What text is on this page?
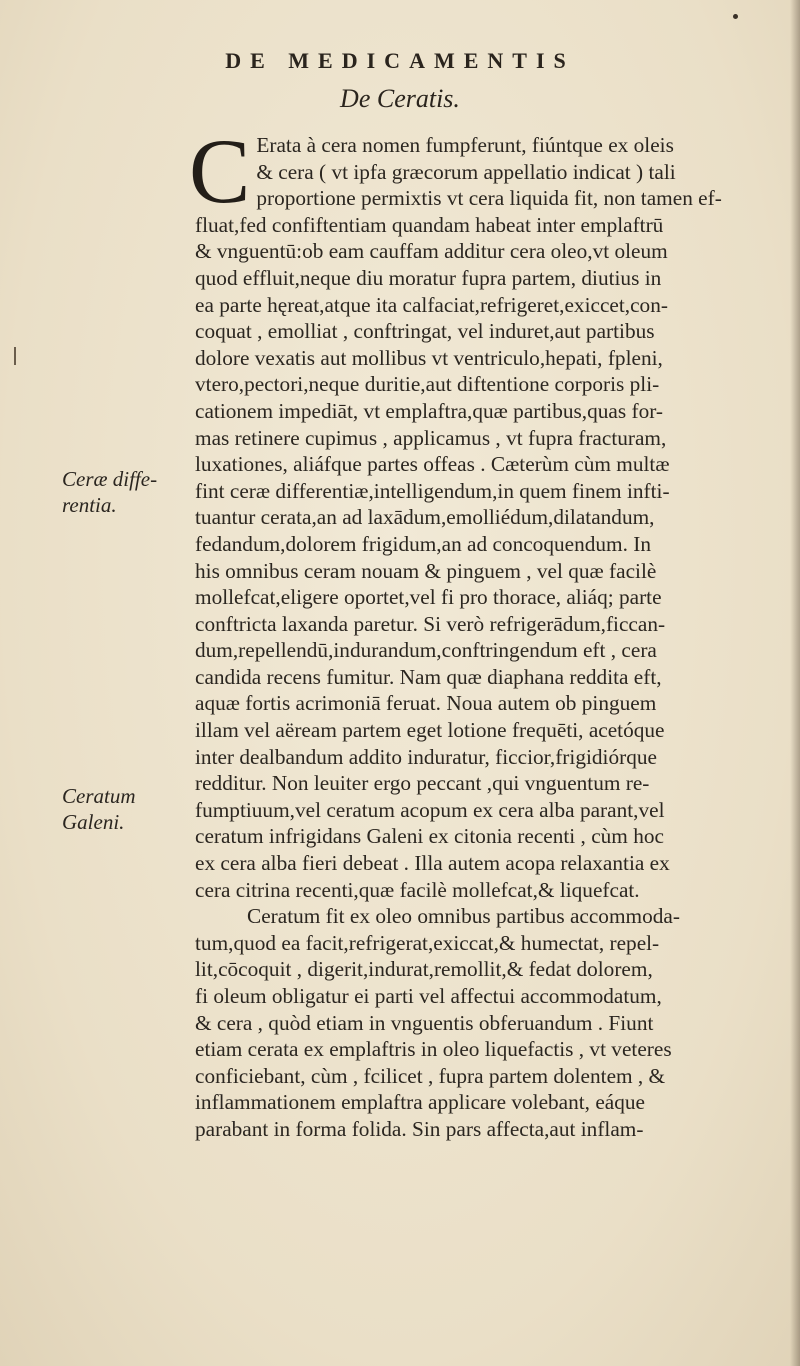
DE MEDICAMENTIS
De Ceratis.
Ceræ diffe-
rentia.
Ceratum
Galeni.
C Erata à cera nomen fumpferunt, fiúntque ex oleis
& cera ( vt ipfa græcorum appellatio indicat ) tali
proportione permixtis vt cera liquida fit, non tamen ef-
fluat,fed confiftentiam quandam habeat inter emplaftrū
& vnguentū:ob eam cauffam additur cera oleo,vt oleum
quod effluit,neque diu moratur fupra partem, diutius in
ea parte hęreat,atque ita calfaciat,refrigeret,exiccet,con-
coquat , emolliat , conftringat, vel induret,aut partibus
dolore vexatis aut mollibus vt ventriculo,hepati, fpleni,
vtero,pectori,neque duritie,aut diftentione corporis pli-
cationem impediāt, vt emplaftra,quæ partibus,quas for-
mas retinere cupimus , applicamus , vt fupra fracturam,
luxationes, aliáfque partes offeas . Cæterùm cùm multæ
fint ceræ differentiæ,intelligendum,in quem finem infti-
tuantur cerata,an ad laxādum,emolliédum,dilatandum,
fedandum,dolorem frigidum,an ad concoquendum. In
his omnibus ceram nouam & pinguem , vel quæ facilè
mollefcat,eligere oportet,vel fi pro thorace, aliáq; parte
conftricta laxanda paretur. Si verò refrigerādum,ficcan-
dum,repellendū,indurandum,conftringendum eft , cera
candida recens fumitur. Nam quæ diaphana reddita eft,
aquæ fortis acrimoniā feruat. Noua autem ob pinguem
illam vel aëream partem eget lotione frequēti, acetóque
inter dealbandum addito induratur, ficcior,frigidiórque
redditur. Non leuiter ergo peccant ,qui vnguentum re-
fumptiuum,vel ceratum acopum ex cera alba parant,vel
ceratum infrigidans Galeni ex citonia recenti , cùm hoc
ex cera alba fieri debeat . Illa autem acopa relaxantia ex
cera citrina recenti,quæ facilè mollefcat,& liquefcat.
Ceratum fit ex oleo omnibus partibus accommoda-
tum,quod ea facit,refrigerat,exiccat,& humectat, repel-
lit,cōcoquit , digerit,indurat,remollit,& fedat dolorem,
fi oleum obligatur ei parti vel affectui accommodatum,
& cera , quòd etiam in vnguentis obferuandum . Fiunt
etiam cerata ex emplaftris in oleo liquefactis , vt veteres
conficiebant, cùm , fcilicet , fupra partem dolentem , &
inflammationem emplaftra applicare volebant, eáque
parabant in forma folida. Sin pars affecta,aut inflam-
